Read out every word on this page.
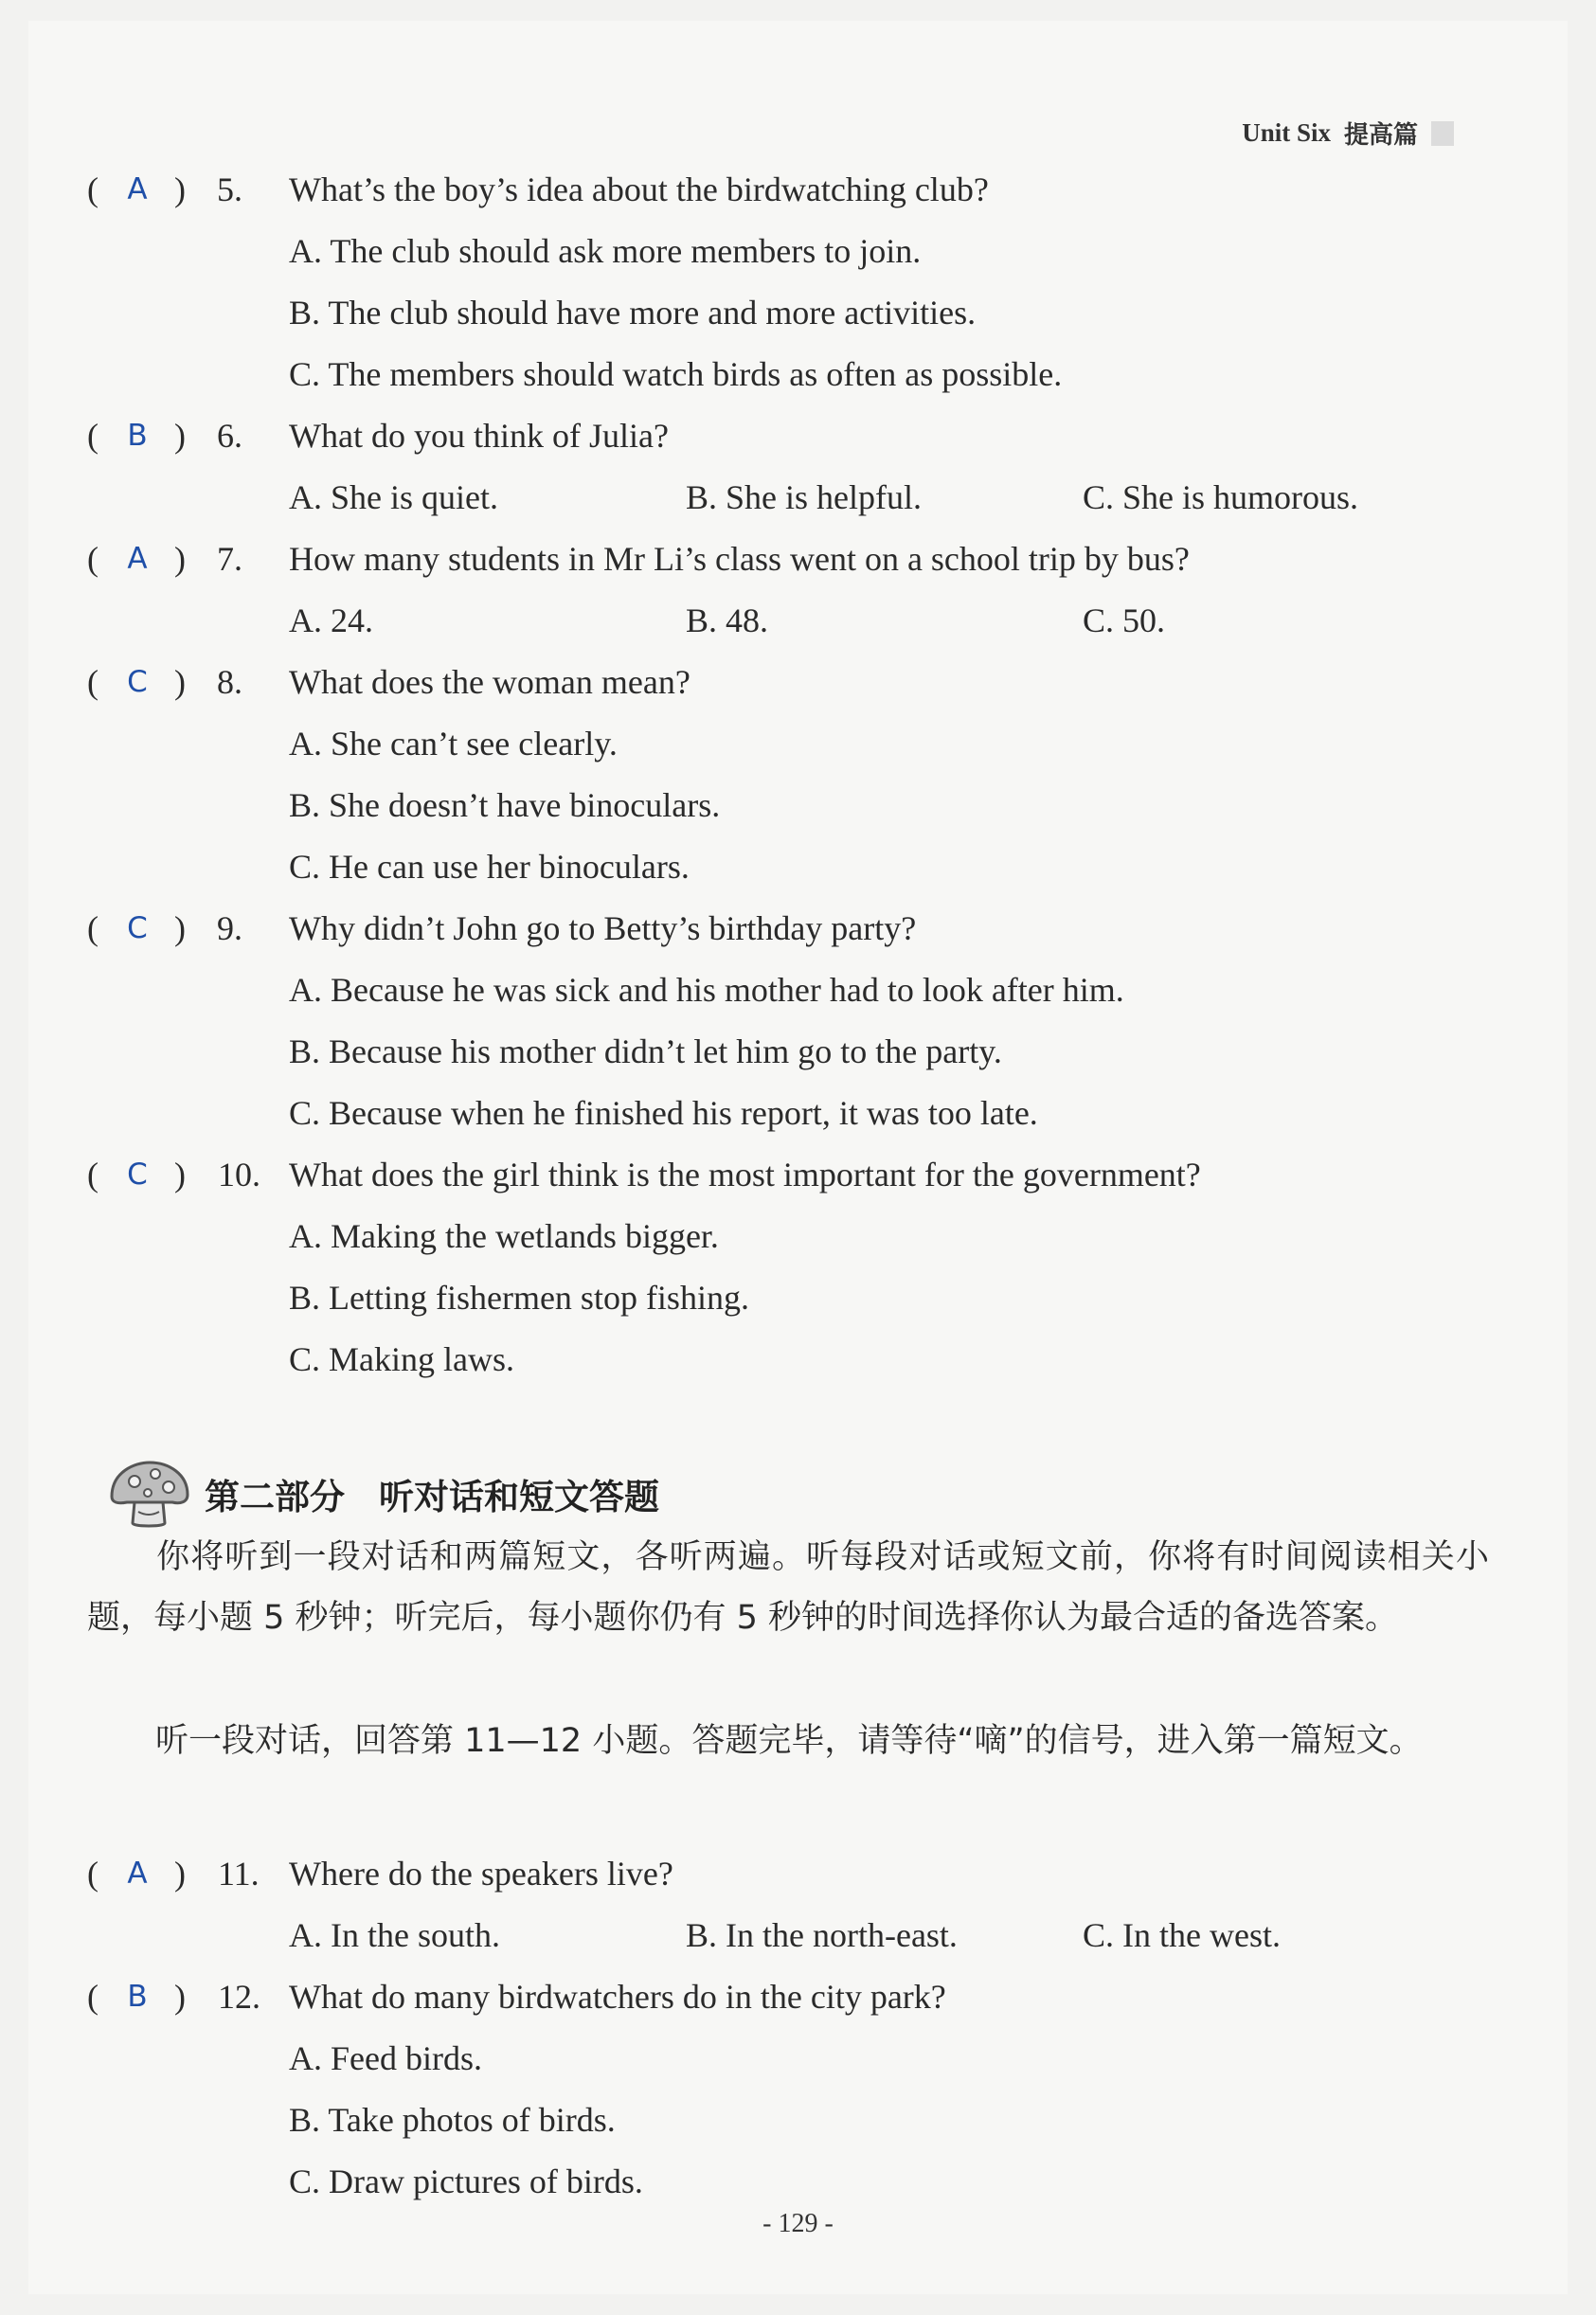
Unit Six 提高篇
( A ) 5. What’s the boy’s idea about the birdwatching club?
A. The club should ask more members to join.
B. The club should have more and more activities.
C. The members should watch birds as often as possible.
( B ) 6. What do you think of Julia?
A. She is quiet.	B. She is helpful.	C. She is humorous.
( A ) 7. How many students in Mr Li’s class went on a school trip by bus?
A. 24.	B. 48.	C. 50.
( C ) 8. What does the woman mean?
A. She can’t see clearly.
B. She doesn’t have binoculars.
C. He can use her binoculars.
( C ) 9. Why didn’t John go to Betty’s birthday party?
A. Because he was sick and his mother had to look after him.
B. Because his mother didn’t let him go to the party.
C. Because when he finished his report, it was too late.
( C ) 10. What does the girl think is the most important for the government?
A. Making the wetlands bigger.
B. Letting fishermen stop fishing.
C. Making laws.
第二部分 听对话和短文答题
你将听到一段对话和两篇短文，各听两遍。听每段对话或短文前，你将有时间阅读相关小题，每小题 5 秒钟；听完后，每小题你仍有 5 秒钟的时间选择你认为最合适的备选答案。
听一段对话，回答第 11—12 小题。答题完毕，请等待“嘀”的信号，进入第一篇短文。
( A ) 11. Where do the speakers live?
A. In the south.	B. In the north-east.	C. In the west.
( B ) 12. What do many birdwatchers do in the city park?
A. Feed birds.
B. Take photos of birds.
C. Draw pictures of birds.
- 129 -
